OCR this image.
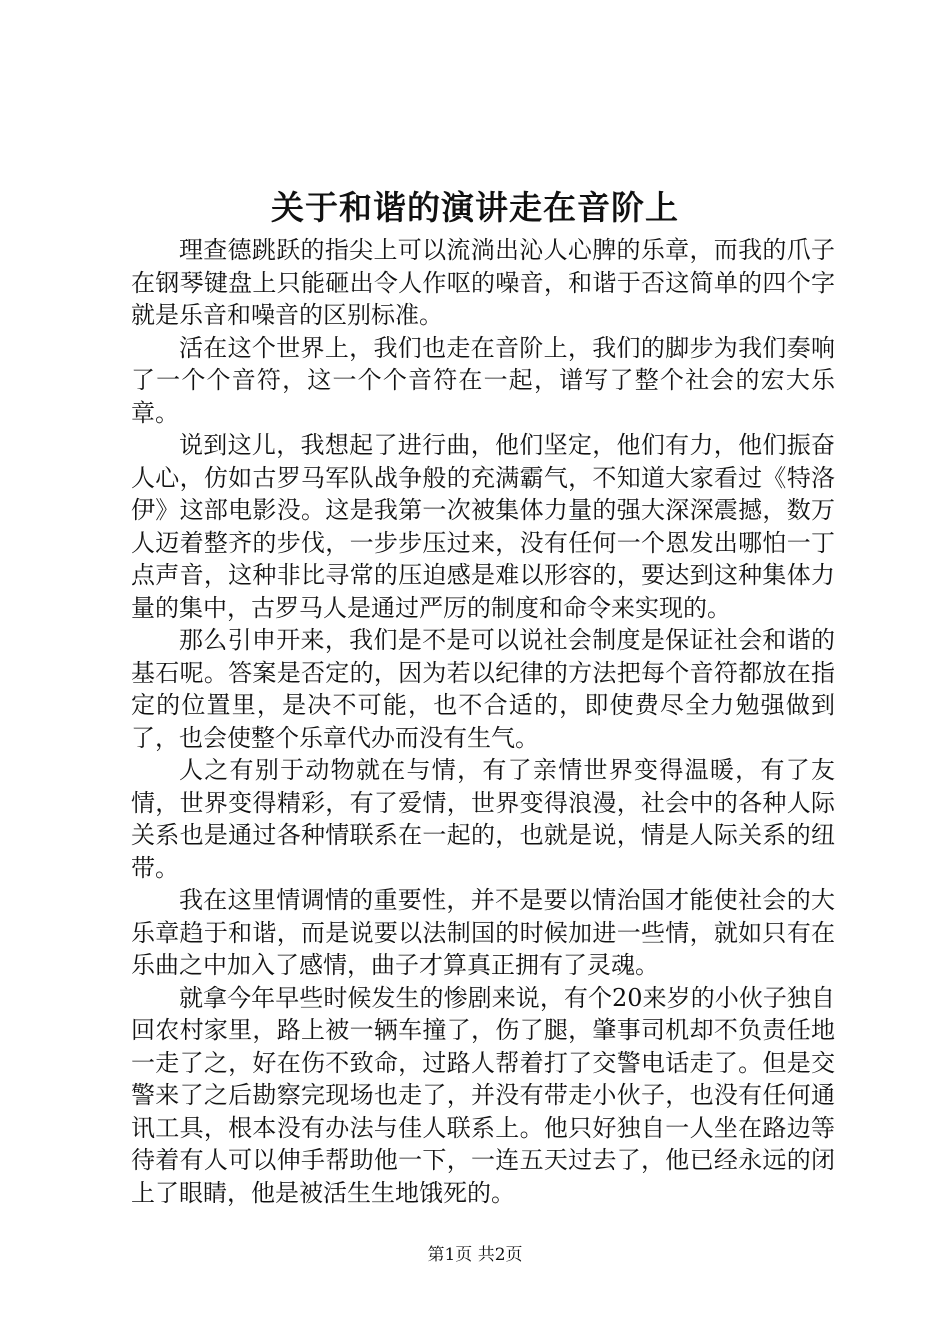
关于和谐的演讲走在音阶上

理查德跳跃的指尖上可以流淌出沁人心脾的乐章，而我的爪子在钢琴键盘上只能砸出令人作呕的噪音，和谐于否这简单的四个字就是乐音和噪音的区别标准。

活在这个世界上，我们也走在音阶上，我们的脚步为我们奏响了一个个音符，这一个个音符在一起，谱写了整个社会的宏大乐章。

说到这儿，我想起了进行曲，他们坚定，他们有力，他们振奋人心，仿如古罗马军队战争般的充满霸气，不知道大家看过《特洛伊》这部电影没。这是我第一次被集体力量的强大深深震撼，数万人迈着整齐的步伐，一步步压过来，没有任何一个恩发出哪怕一丁点声音，这种非比寻常的压迫感是难以形容的，要达到这种集体力量的集中，古罗马人是通过严厉的制度和命令来实现的。

那么引申开来，我们是不是可以说社会制度是保证社会和谐的基石呢。答案是否定的，因为若以纪律的方法把每个音符都放在指定的位置里，是决不可能，也不合适的，即使费尽全力勉强做到了，也会使整个乐章代办而没有生气。

人之有别于动物就在与情，有了亲情世界变得温暖，有了友情，世界变得精彩，有了爱情，世界变得浪漫，社会中的各种人际关系也是通过各种情联系在一起的，也就是说，情是人际关系的纽带。

我在这里情调情的重要性，并不是要以情治国才能使社会的大乐章趋于和谐，而是说要以法制国的时候加进一些情，就如只有在乐曲之中加入了感情，曲子才算真正拥有了灵魂。

就拿今年早些时候发生的惨剧来说，有个20来岁的小伙子独自回农村家里，路上被一辆车撞了，伤了腿，肇事司机却不负责任地一走了之，好在伤不致命，过路人帮着打了交警电话走了。但是交警来了之后勘察完现场也走了，并没有带走小伙子，也没有任何通讯工具，根本没有办法与佳人联系上。他只好独自一人坐在路边等待着有人可以伸手帮助他一下，一连五天过去了，他已经永远的闭上了眼睛，他是被活生生地饿死的。

第1页 共2页
